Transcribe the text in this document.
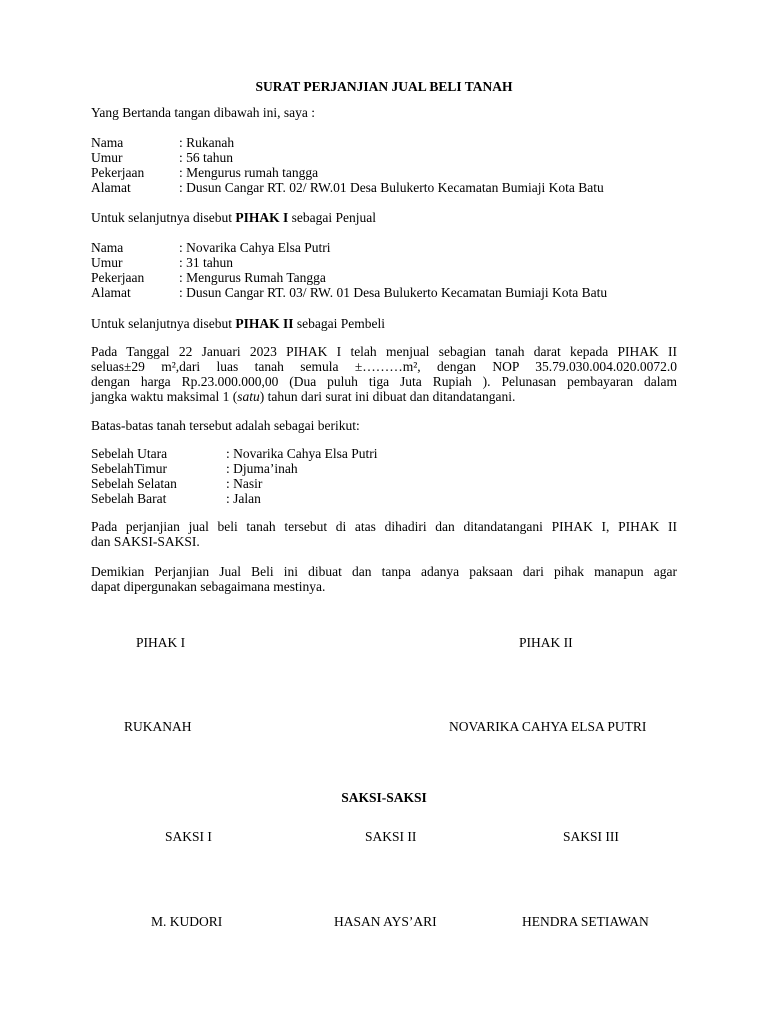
SURAT PERJANJIAN JUAL BELI TANAH
Yang Bertanda tangan dibawah ini, saya :
Nama	: Rukanah
Umur	: 56 tahun
Pekerjaan	: Mengurus rumah tangga
Alamat	: Dusun Cangar RT. 02/ RW.01 Desa Bulukerto Kecamatan Bumiaji Kota Batu
Untuk selanjutnya disebut PIHAK I sebagai Penjual
Nama	: Novarika Cahya Elsa Putri
Umur	: 31 tahun
Pekerjaan	: Mengurus Rumah Tangga
Alamat	: Dusun Cangar RT. 03/ RW. 01 Desa Bulukerto Kecamatan Bumiaji Kota Batu
Untuk selanjutnya disebut PIHAK II sebagai Pembeli
Pada Tanggal 22 Januari 2023 PIHAK I telah menjual sebagian tanah darat kepada PIHAK II
seluas±29 m²,dari luas tanah semula ±………m², dengan NOP 35.79.030.004.020.0072.0
dengan harga Rp.23.000.000,00 (Dua puluh tiga Juta Rupiah ). Pelunasan pembayaran dalam
jangka waktu maksimal 1 (satu) tahun dari surat ini dibuat dan ditandatangani.
Batas-batas tanah tersebut adalah sebagai berikut:
Sebelah Utara	: Novarika Cahya Elsa Putri
SebelahTimur	: Djuma’inah
Sebelah Selatan	: Nasir
Sebelah Barat	: Jalan
Pada perjanjian jual beli tanah tersebut di atas dihadiri dan ditandatangani PIHAK I, PIHAK II
dan SAKSI-SAKSI.
Demikian Perjanjian Jual Beli ini dibuat dan tanpa adanya paksaan dari pihak manapun agar
dapat dipergunakan sebagaimana mestinya.
PIHAK I	PIHAK II
RUKANAH	NOVARIKA CAHYA ELSA PUTRI
SAKSI-SAKSI
SAKSI I	SAKSI II	SAKSI III
M. KUDORI	HASAN AYS’ARI	HENDRA SETIAWAN
